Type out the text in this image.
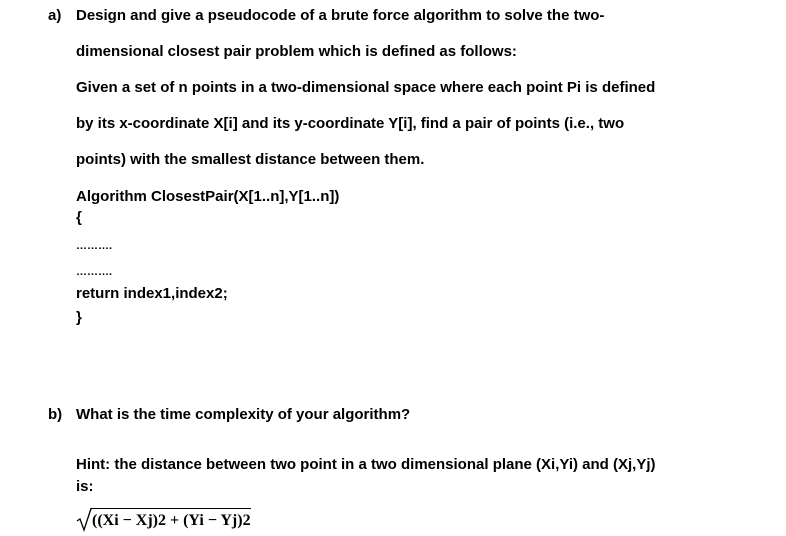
a) Design and give a pseudocode of a brute force algorithm to solve the two-
dimensional closest pair problem which is defined as follows:
Given a set of n points in a two-dimensional space where each point Pi is defined
by its x-coordinate X[i] and its y-coordinate Y[i], find a pair of points (i.e., two
points) with the smallest distance between them.
Algorithm ClosestPair(X[1..n],Y[1..n])
{
……….
……….
return index1,index2;
}
b) What is the time complexity of your algorithm?
Hint: the distance between two point in a two dimensional plane (Xi,Yi) and (Xj,Yj)
is:
((Xi − Xj)2 + (Yi − Yj)2
